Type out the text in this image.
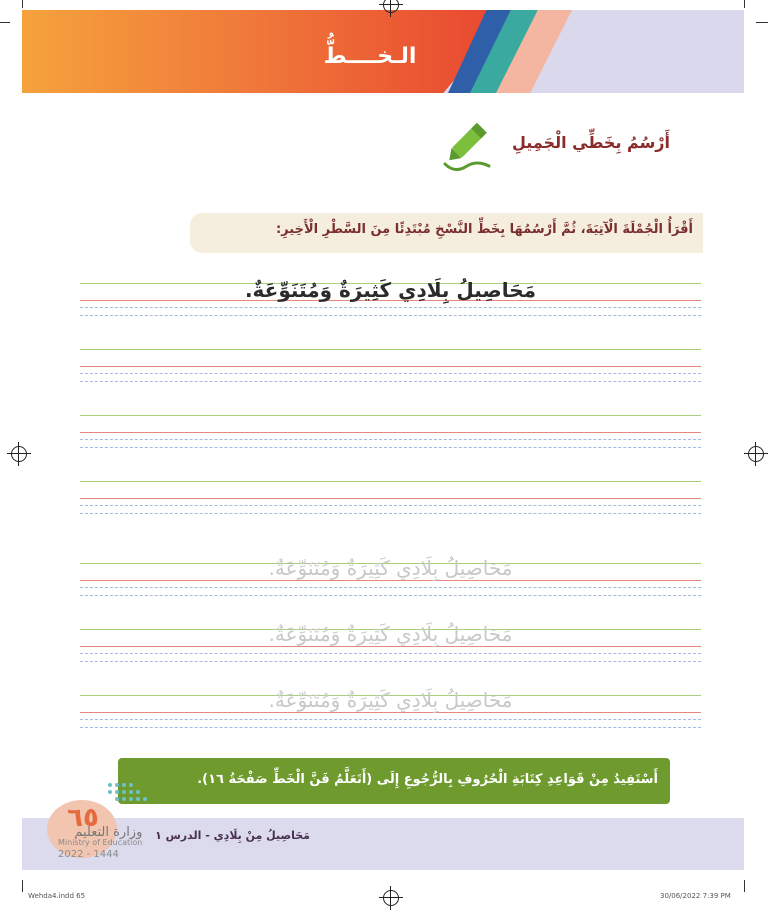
الـخــــطُّ
أَرْسُمُ بِخَطِّي الْجَمِيلِ
أَقْرَأُ الْجُمْلَةَ الْآتِيَةَ، ثُمَّ أَرْسُمُهَا بِخَطِّ النَّسْخِ مُبْتَدِئًا مِنَ السَّطْرِ الْأَخِيرِ:
مَحَاصِيلُ بِلَادِي كَثِيرَةٌ وَمُتَنَوِّعَةٌ.
مَحَاصِيلُ بِلَادِي كَثِيرَةٌ وَمُتَنَوِّعَةٌ.
مَحَاصِيلُ بِلَادِي كَثِيرَةٌ وَمُتَنَوِّعَةٌ.
مَحَاصِيلُ بِلَادِي كَثِيرَةٌ وَمُتَنَوِّعَةٌ.
أَسْتَفِيدُ مِنْ قَوَاعِدِ كِتَابَةِ الْحُرُوفِ بِالرُّجُوعِ إِلَى (أَتَعَلَّمُ فَنَّ الْخَطِّ صَفْحَةُ ١٦).
٦٥
وزارة التعليم
Ministry of Education
2022 - 1444
مَحَاصِيلُ مِنْ بِلَادِي - الدرس ١
Wehda4.indd 65	30/06/2022 7:39 PM
